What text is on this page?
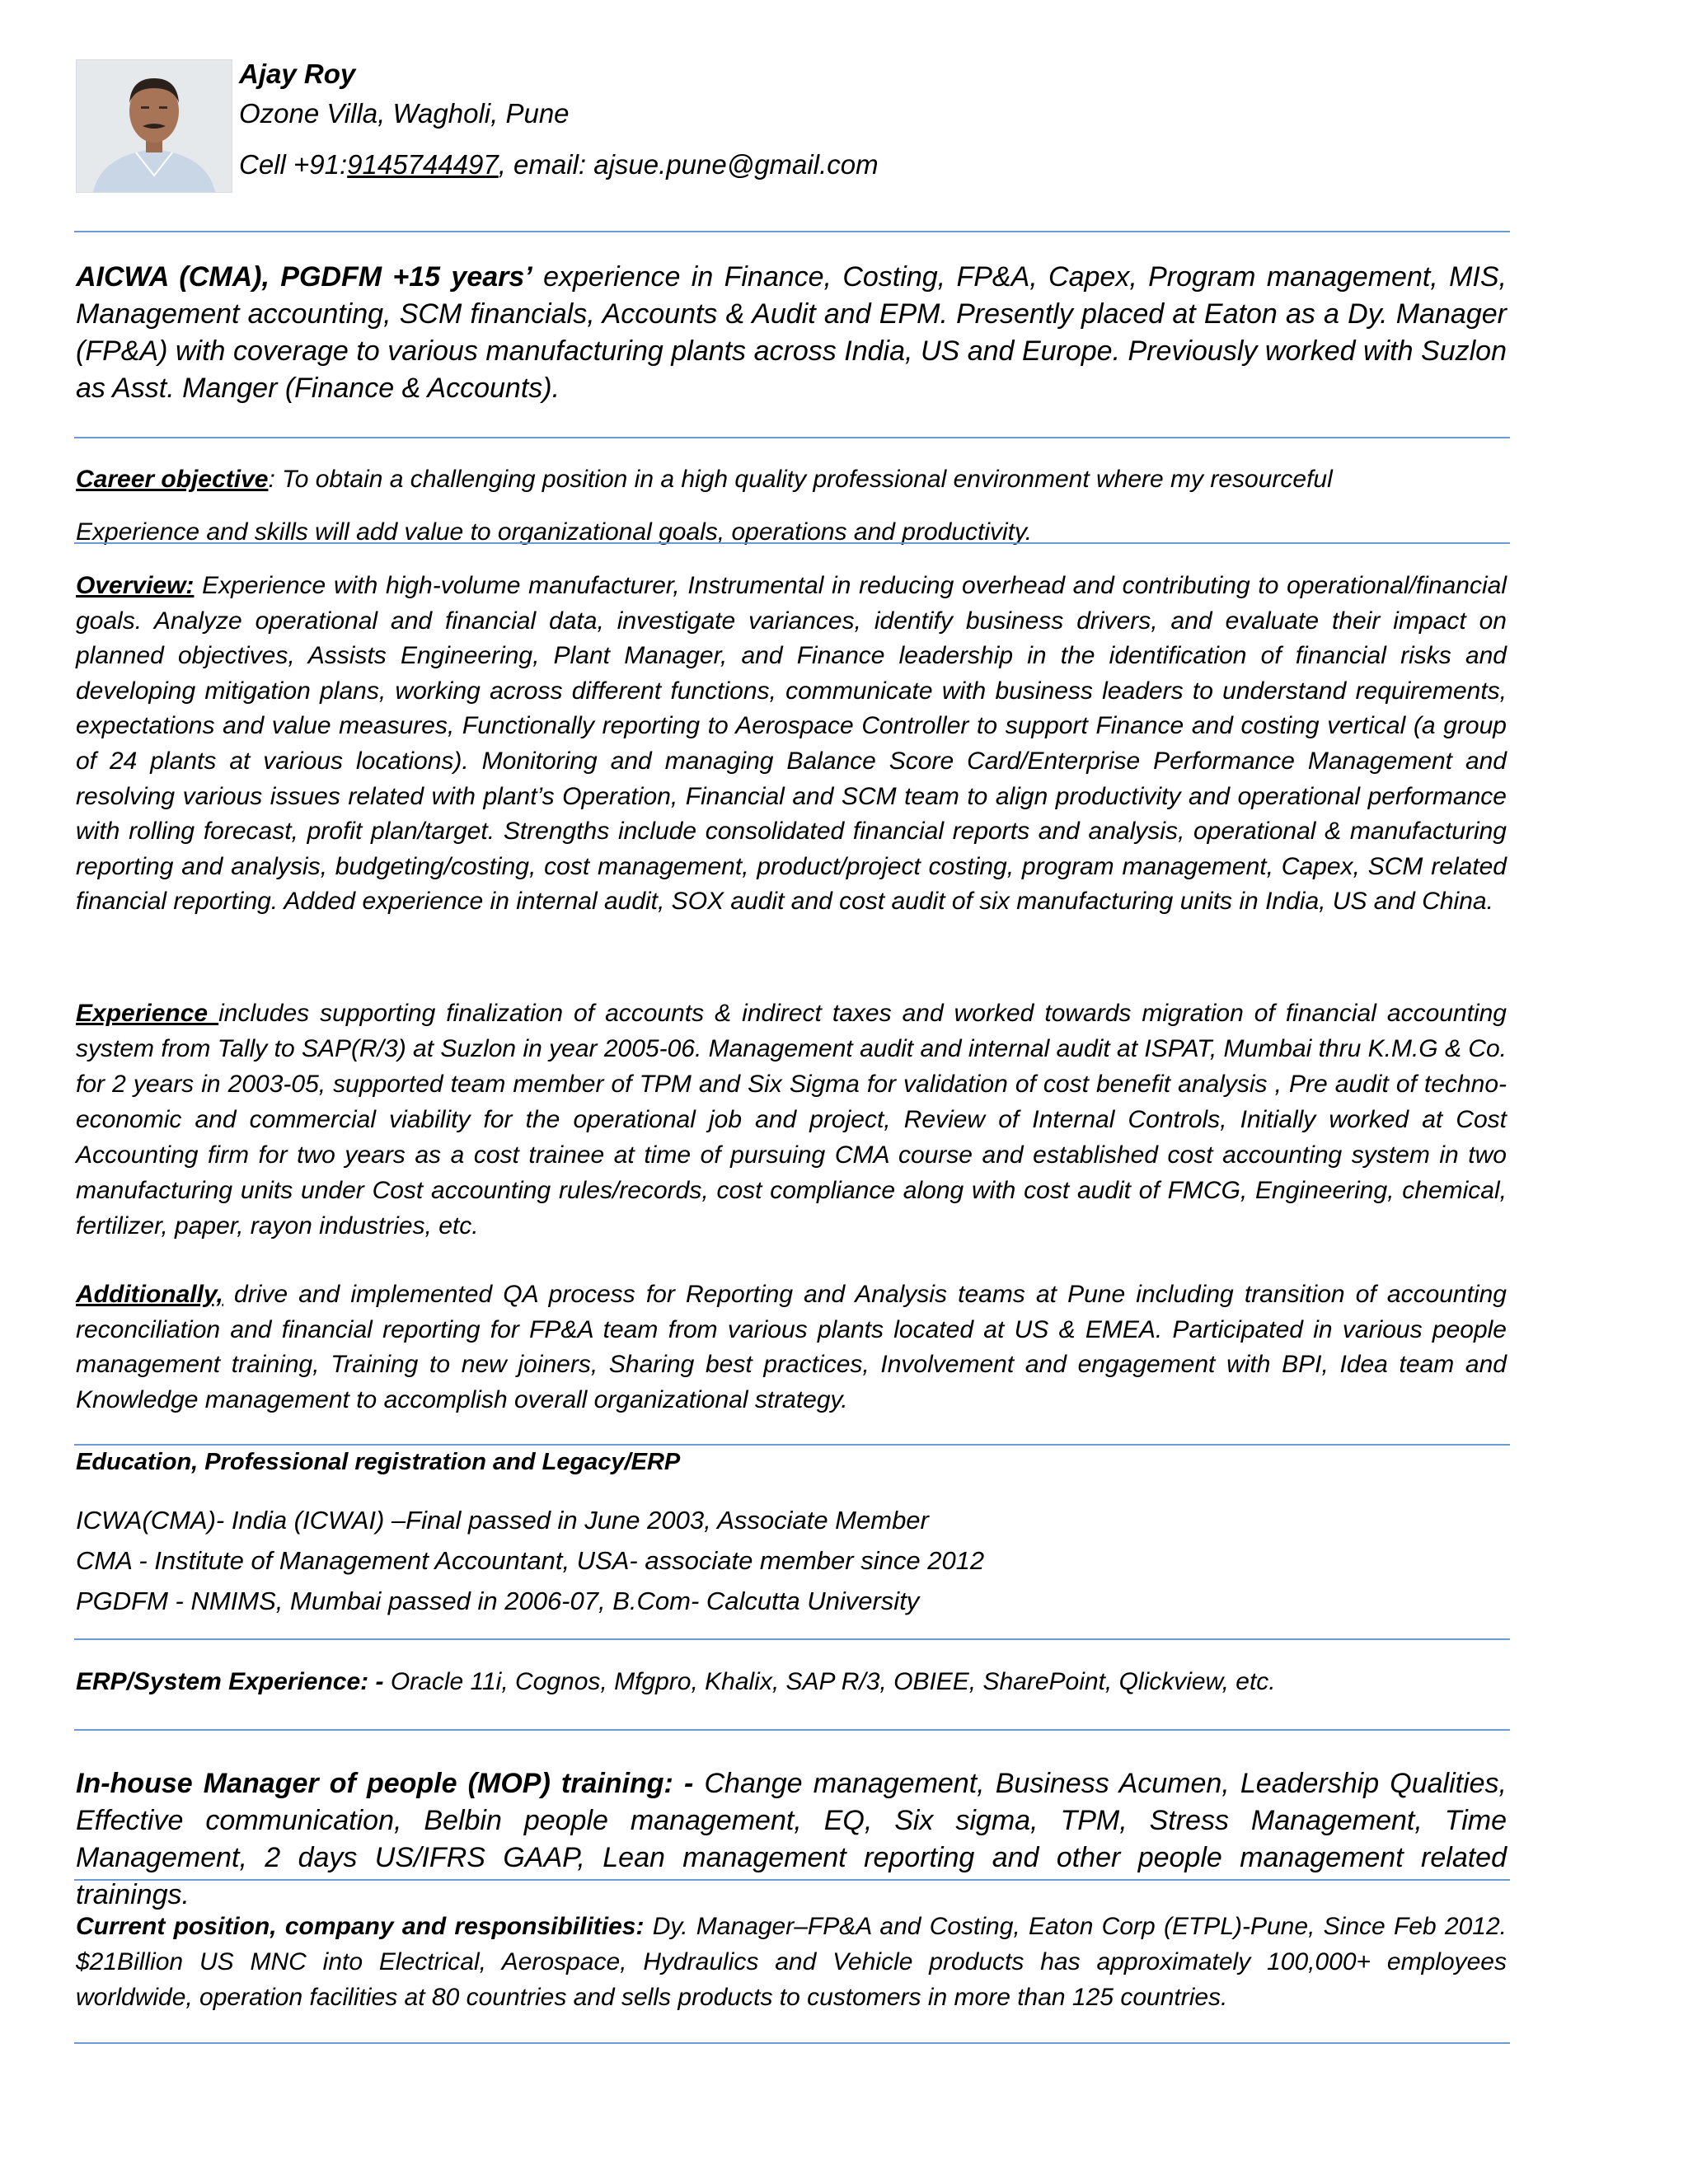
Ajay Roy
Ozone Villa, Wagholi, Pune
Cell +91:9145744497, email: ajsue.pune@gmail.com
AICWA (CMA), PGDFM +15 years’ experience in Finance, Costing, FP&A, Capex, Program management, MIS, Management accounting, SCM financials, Accounts & Audit and EPM. Presently placed at Eaton as a Dy. Manager (FP&A) with coverage to various manufacturing plants across India, US and Europe. Previously worked with Suzlon as Asst. Manger (Finance & Accounts).
Career objective: To obtain a challenging position in a high quality professional environment where my resourceful
Experience and skills will add value to organizational goals, operations and productivity.
Overview: Experience with high-volume manufacturer, Instrumental in reducing overhead and contributing to operational/financial goals. Analyze operational and financial data, investigate variances, identify business drivers, and evaluate their impact on planned objectives, Assists Engineering, Plant Manager, and Finance leadership in the identification of financial risks and developing mitigation plans, working across different functions, communicate with business leaders to understand requirements, expectations and value measures, Functionally reporting to Aerospace Controller to support Finance and costing vertical (a group of 24 plants at various locations). Monitoring and managing Balance Score Card/Enterprise Performance Management and resolving various issues related with plant’s Operation, Financial and SCM team to align productivity and operational performance with rolling forecast, profit plan/target. Strengths include consolidated financial reports and analysis, operational & manufacturing reporting and analysis, budgeting/costing, cost management, product/project costing, program management, Capex, SCM related financial reporting. Added experience in internal audit, SOX audit and cost audit of six manufacturing units in India, US and China.
Experience includes supporting finalization of accounts & indirect taxes and worked towards migration of financial accounting system from Tally to SAP(R/3) at Suzlon in year 2005-06. Management audit and internal audit at ISPAT, Mumbai thru K.M.G & Co. for 2 years in 2003-05, supported team member of TPM and Six Sigma for validation of cost benefit analysis , Pre audit of techno-economic and commercial viability for the operational job and project, Review of Internal Controls, Initially worked at Cost Accounting firm for two years as a cost trainee at time of pursuing CMA course and established cost accounting system in two manufacturing units under Cost accounting rules/records, cost compliance along with cost audit of FMCG, Engineering, chemical, fertilizer, paper, rayon industries, etc.
Additionally, drive and implemented QA process for Reporting and Analysis teams at Pune including transition of accounting reconciliation and financial reporting for FP&A team from various plants located at US & EMEA. Participated in various people management training, Training to new joiners, Sharing best practices, Involvement and engagement with BPI, Idea team and Knowledge management to accomplish overall organizational strategy.
Education, Professional registration and Legacy/ERP
ICWA(CMA)- India (ICWAI) –Final passed in June 2003, Associate Member
CMA - Institute of Management Accountant, USA- associate member since 2012
PGDFM - NMIMS, Mumbai passed in 2006-07, B.Com- Calcutta University
ERP/System Experience: - Oracle 11i, Cognos, Mfgpro, Khalix, SAP R/3, OBIEE, SharePoint, Qlickview, etc.
In-house Manager of people (MOP) training: - Change management, Business Acumen, Leadership Qualities, Effective communication, Belbin people management, EQ, Six sigma, TPM, Stress Management, Time Management, 2 days US/IFRS GAAP, Lean management reporting and other people management related trainings.
Current position, company and responsibilities: Dy. Manager–FP&A and Costing, Eaton Corp (ETPL)-Pune, Since Feb 2012. $21Billion US MNC into Electrical, Aerospace, Hydraulics and Vehicle products has approximately 100,000+ employees worldwide, operation facilities at 80 countries and sells products to customers in more than 125 countries.
